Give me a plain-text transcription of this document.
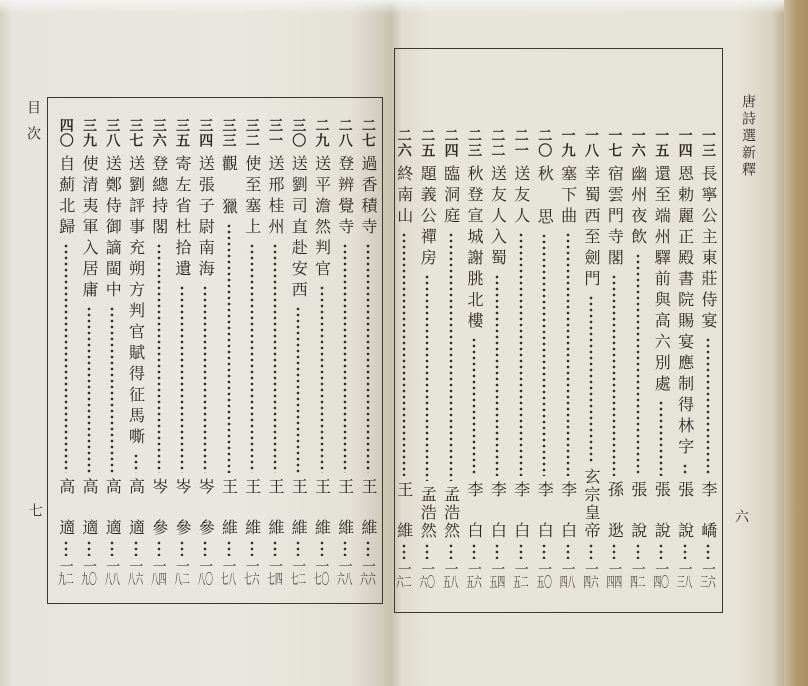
唐詩選新釋
六
目次
七
一三
長寧公主東莊侍宴
李 嶠
一三六
一四
恩勅麗正殿書院賜宴應制得林字
張 說
一三八
一五
還至端州驛前與高六別處
張 說
一四〇
一六
幽州夜飲
張 說
一四二
一七
宿雲門寺閣
孫 逖
一四四
一八
幸蜀西至劍門
玄宗皇帝
一四六
一九
塞下曲
李 白
一四八
二〇
秋 思
李 白
一五〇
二一
送友人
李 白
一五二
二二
送友人入蜀
李 白
一五四
二三
秋登宣城謝朓北樓
李 白
一五六
二四
臨洞庭
孟浩然
一五八
二五
題義公禪房
孟浩然
一六〇
二六
終南山
王 維
一六二
二七
過香積寺
王 維
一六六
二八
登辨覺寺
王 維
一六八
二九
送平澹然判官
王 維
一七〇
三〇
送劉司直赴安西
王 維
一七二
三一
送邢桂州
王 維
一七四
三二
使至塞上
王 維
一七六
三三
觀 獵
王 維
一七八
三四
送張子尉南海
岑 參
一八〇
三五
寄左省杜拾遺
岑 參
一八二
三六
登總持閣
岑 參
一八四
三七
送劉評事充朔方判官賦得征馬嘶
高 適
一八六
三八
送鄭侍御謫閩中
高 適
一八八
三九
使清夷軍入居庸
高 適
一九〇
四〇
自薊北歸
高 適
一九二
